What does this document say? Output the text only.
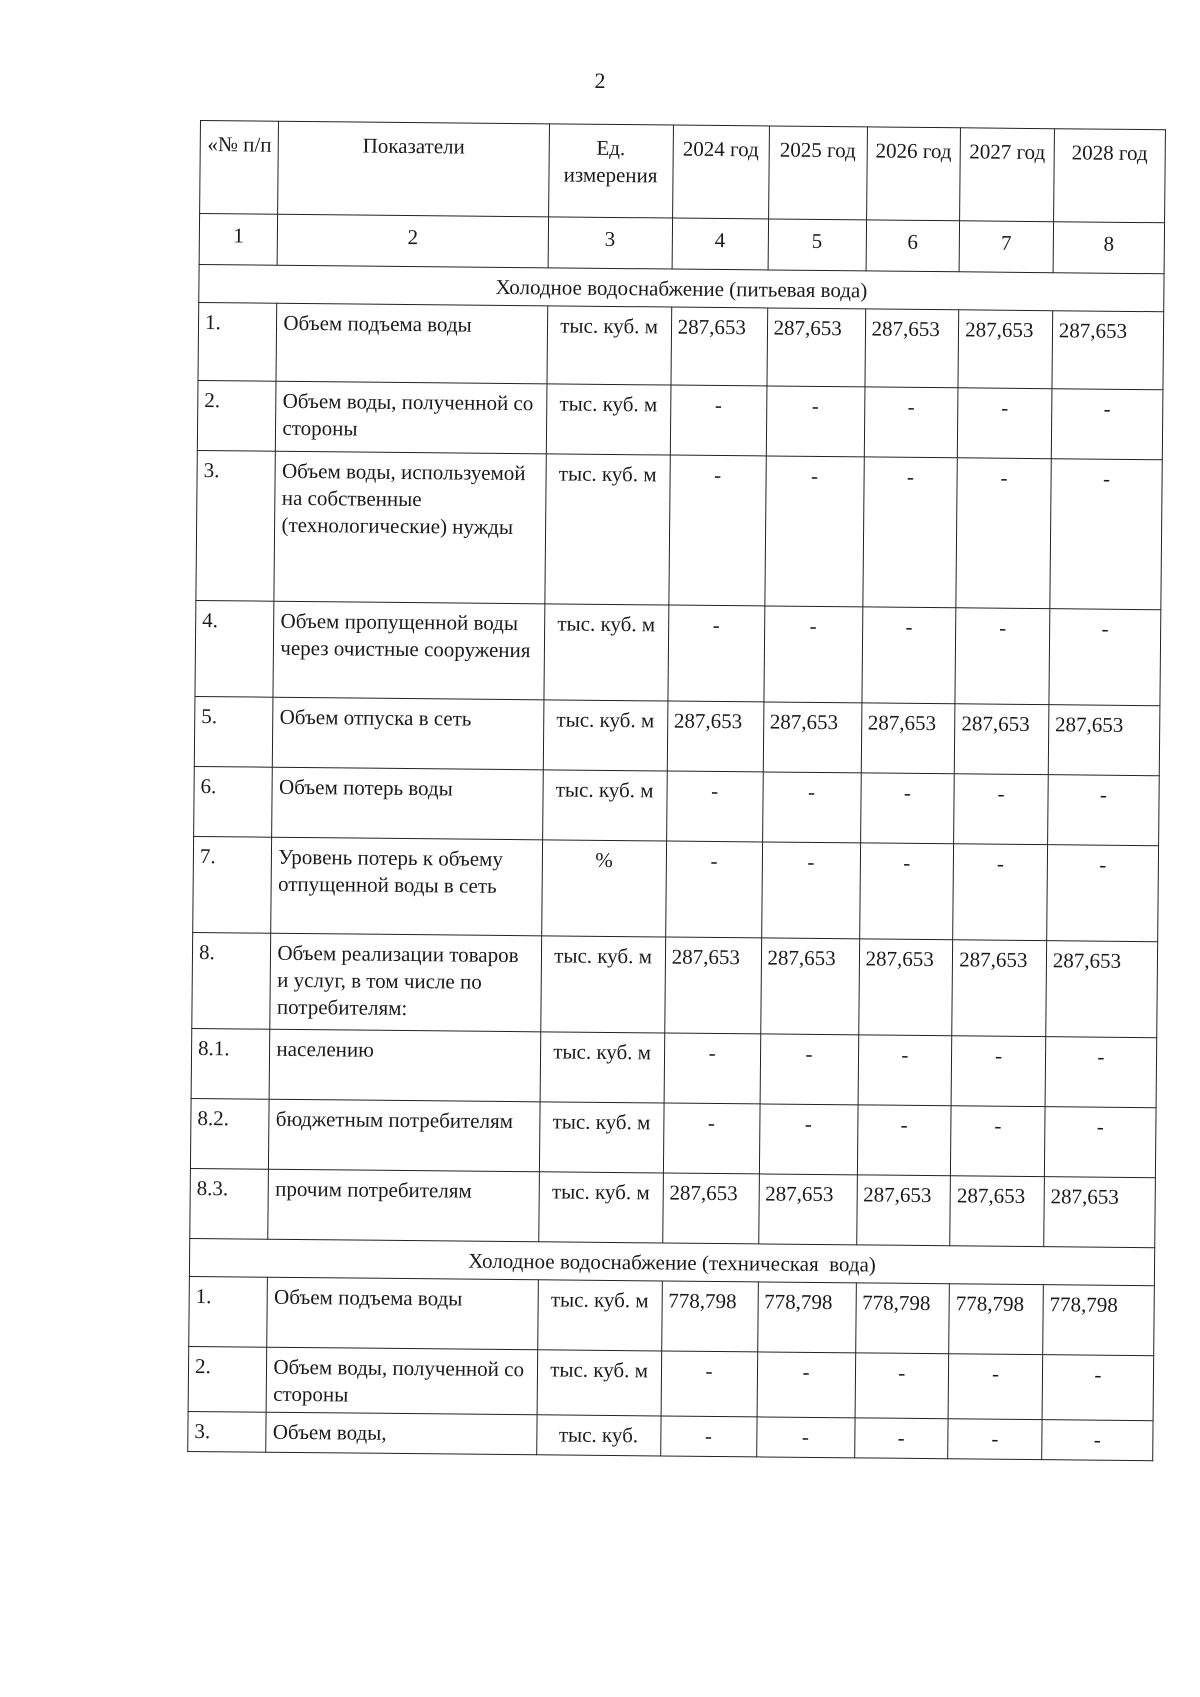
2
«№ п/п	Показатели	Ед. измерения	2024 год	2025 год	2026 год	2027 год	2028 год
1	2	3	4	5	6	7	8
Холодное водоснабжение (питьевая вода)							
1.	Объем подъема воды	тыс. куб. м	287,653	287,653	287,653	287,653	287,653
2.	Объем воды, полученной со стороны	тыс. куб. м	-	-	-	-	-
3.	Объем воды, используемой на собственные (технологические) нужды	тыс. куб. м	-	-	-	-	-
4.	Объем пропущенной воды через очистные сооружения	тыс. куб. м	-	-	-	-	-
5.	Объем отпуска в сеть	тыс. куб. м	287,653	287,653	287,653	287,653	287,653
6.	Объем потерь воды	тыс. куб. м	-	-	-	-	-
7.	Уровень потерь к объему отпущенной воды в сеть	%	-	-	-	-	-
8.	Объем реализации товаров и услуг, в том числе по потребителям:	тыс. куб. м	287,653	287,653	287,653	287,653	287,653
8.1.	населению	тыс. куб. м	-	-	-	-	-
8.2.	бюджетным потребителям	тыс. куб. м	-	-	-	-	-
8.3.	прочим потребителям	тыс. куб. м	287,653	287,653	287,653	287,653	287,653
Холодное водоснабжение (техническая  вода)							
1.	Объем подъема воды	тыс. куб. м	778,798	778,798	778,798	778,798	778,798
2.	Объем воды, полученной со стороны	тыс. куб. м	-	-	-	-	-
3.	Объем воды,	тыс. куб.	-	-	-	-	-
